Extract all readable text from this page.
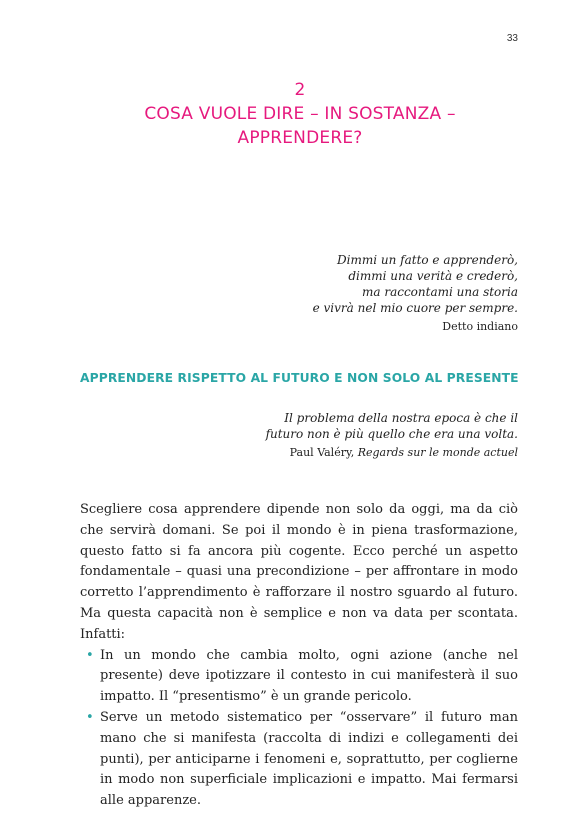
33
2
COSA VUOLE DIRE – IN SOSTANZA –
APPRENDERE?
Dimmi un fatto e apprenderò,
dimmi una verità e crederò,
ma raccontami una storia
e vivrà nel mio cuore per sempre.
Detto indiano
APPRENDERE RISPETTO AL FUTURO E NON SOLO AL PRESENTE
Il problema della nostra epoca è che il
futuro non è più quello che era una volta.
Paul Valéry, Regards sur le monde actuel

Scegliere cosa apprendere dipende non solo da oggi, ma da ciò che servirà domani. Se poi il mondo è in piena trasformazione, questo fatto si fa ancora più cogente. Ecco perché un aspetto fondamentale – quasi una precondizione – per affrontare in modo corretto l’apprendimento è rafforzare il nostro sguardo al futuro. Ma questa capacità non è semplice e non va data per scontata. Infatti:

• In un mondo che cambia molto, ogni azione (anche nel presente) deve ipotizzare il contesto in cui manifesterà il suo impatto. Il “presentismo” è un grande pericolo.
• Serve un metodo sistematico per “osservare” il futuro man mano che si manifesta (raccolta di indizi e collegamenti dei punti), per anticiparne i fenomeni e, soprattutto, per coglierne in modo non superficiale implicazioni e impatto. Mai fermarsi alle apparenze.
